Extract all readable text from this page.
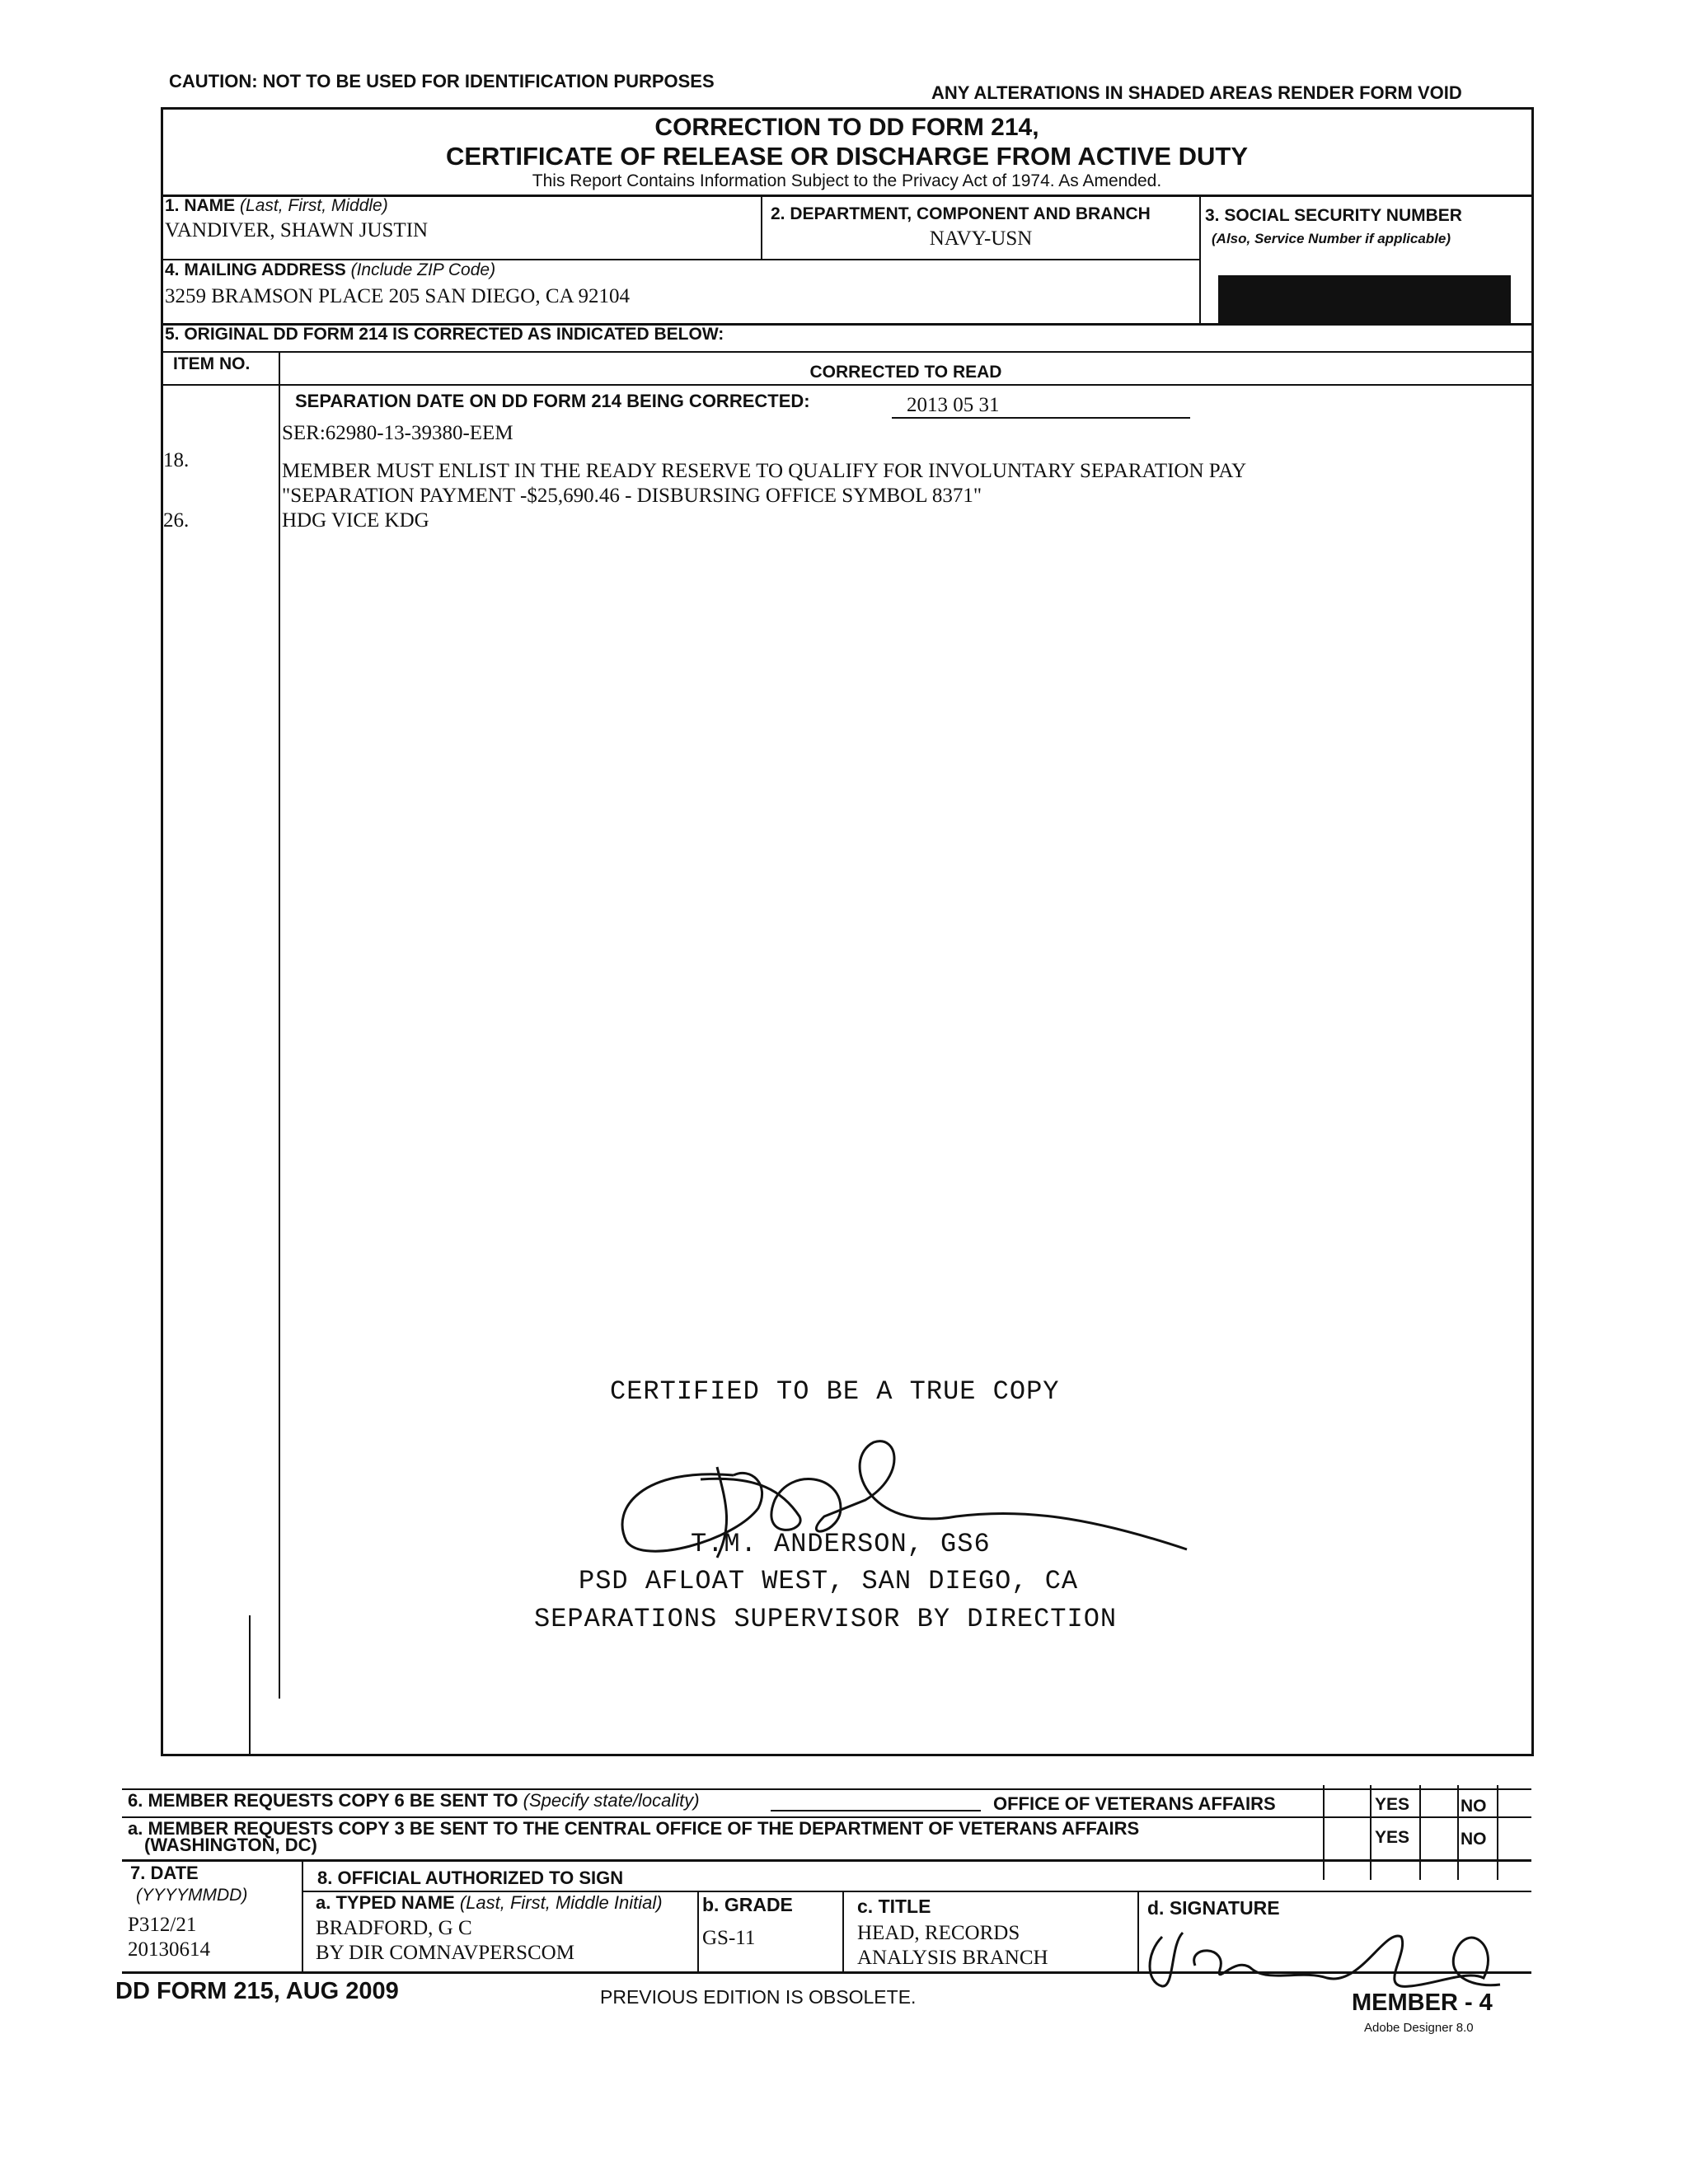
CAUTION: NOT TO BE USED FOR IDENTIFICATION PURPOSES
ANY ALTERATIONS IN SHADED AREAS RENDER FORM VOID
CORRECTION TO DD FORM 214,
CERTIFICATE OF RELEASE OR DISCHARGE FROM ACTIVE DUTY
This Report Contains Information Subject to the Privacy Act of 1974. As Amended.
1. NAME (Last, First, Middle)
VANDIVER, SHAWN JUSTIN
2. DEPARTMENT, COMPONENT AND BRANCH
NAVY-USN
3. SOCIAL SECURITY NUMBER
(Also, Service Number if applicable)
4. MAILING ADDRESS (Include ZIP Code)
3259 BRAMSON PLACE 205 SAN DIEGO, CA 92104
5. ORIGINAL DD FORM 214 IS CORRECTED AS INDICATED BELOW:
ITEM NO.	CORRECTED TO READ
SEPARATION DATE ON DD FORM 214 BEING CORRECTED:	2013 05 31
SER:62980-13-39380-EEM
18.	MEMBER MUST ENLIST IN THE READY RESERVE TO QUALIFY FOR INVOLUNTARY SEPARATION PAY
"SEPARATION PAYMENT -$25,690.46 - DISBURSING OFFICE SYMBOL 8371"
26.	HDG VICE KDG
CERTIFIED TO BE A TRUE COPY
T.M. ANDERSON, GS6
PSD AFLOAT WEST, SAN DIEGO, CA
SEPARATIONS SUPERVISOR BY DIRECTION
6. MEMBER REQUESTS COPY 6 BE SENT TO (Specify state/locality)	OFFICE OF VETERANS AFFAIRS	YES	NO
a. MEMBER REQUESTS COPY 3 BE SENT TO THE CENTRAL OFFICE OF THE DEPARTMENT OF VETERANS AFFAIRS
(WASHINGTON, DC)	YES	NO
7. DATE
(YYYYMMDD)
P312/21
20130614
8. OFFICIAL AUTHORIZED TO SIGN
a. TYPED NAME (Last, First, Middle Initial)
BRADFORD, G C
BY DIR COMNAVPERSCOM
b. GRADE
GS-11
c. TITLE
HEAD, RECORDS
ANALYSIS BRANCH
d. SIGNATURE
DD FORM 215, AUG 2009	PREVIOUS EDITION IS OBSOLETE.	MEMBER - 4
Adobe Designer 8.0
